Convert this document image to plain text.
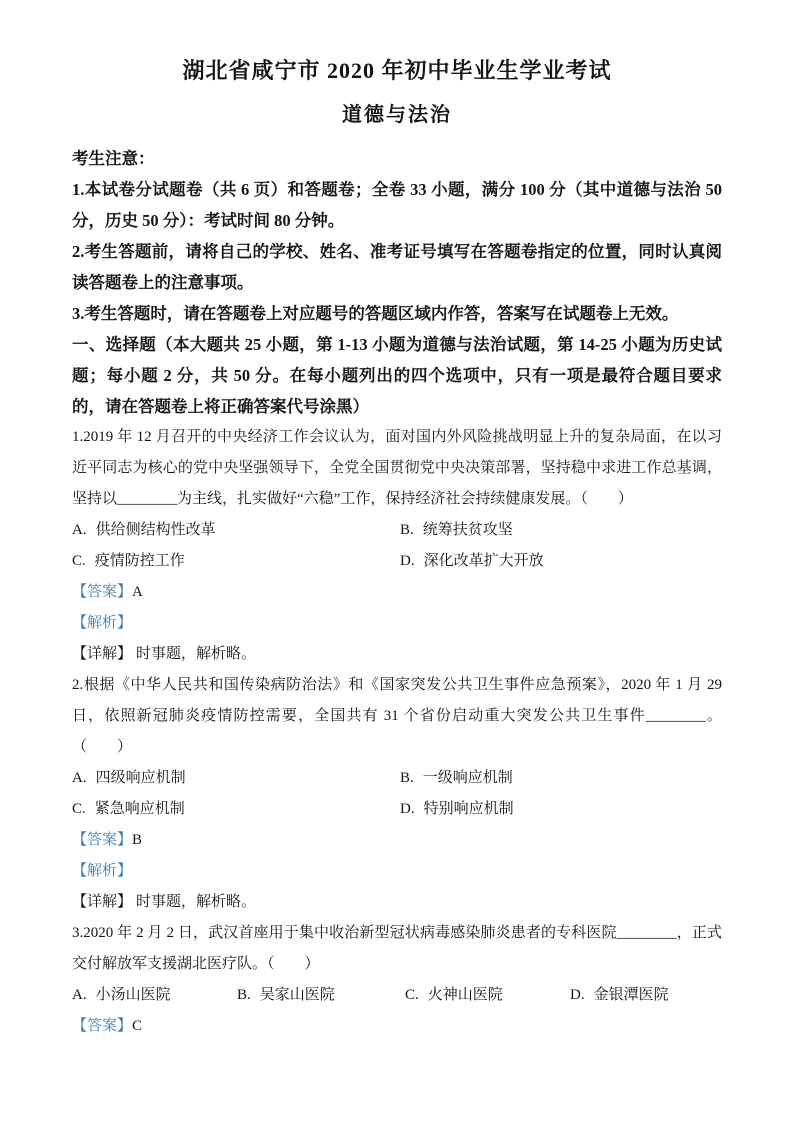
湖北省咸宁市 2020 年初中毕业生学业考试
道德与法治

考生注意：

1.本试卷分试题卷（共 6 页）和答题卷；全卷 33 小题，满分 100 分（其中道德与法治 50 分，历史 50 分）：考试时间 80 分钟。

2.考生答题前，请将自己的学校、姓名、准考证号填写在答题卷指定的位置，同时认真阅读答题卷上的注意事项。

3.考生答题时，请在答题卷上对应题号的答题区域内作答，答案写在试题卷上无效。

一、选择题（本大题共 25 小题，第 1-13 小题为道德与法治试题，第 14-25 小题为历史试题；每小题 2 分，共 50 分。在每小题列出的四个选项中，只有一项是最符合题目要求的，请在答题卷上将正确答案代号涂黑）

1.2019 年 12 月召开的中央经济工作会议认为，面对国内外风险挑战明显上升的复杂局面，在以习近平同志为核心的党中央坚强领导下，全党全国贯彻党中央决策部署，坚持稳中求进工作总基调，坚持以________为主线，扎实做好“六稳”工作，保持经济社会持续健康发展。（　　）

A. 供给侧结构性改革	B. 统筹扶贫攻坚
C. 疫情防控工作	D. 深化改革扩大开放

【答案】A

【解析】

【详解】 时事题，解析略。

2.根据《中华人民共和国传染病防治法》和《国家突发公共卫生事件应急预案》，2020 年 1 月 29 日，依照新冠肺炎疫情防控需要，全国共有 31 个省份启动重大突发公共卫生事件________。（　　）

A. 四级响应机制	B. 一级响应机制
C. 紧急响应机制	D. 特别响应机制

【答案】B

【解析】

【详解】 时事题，解析略。

3.2020 年 2 月 2 日，武汉首座用于集中收治新型冠状病毒感染肺炎患者的专科医院________，正式交付解放军支援湖北医疗队。（　　）

A. 小汤山医院	B. 吴家山医院	C. 火神山医院	D. 金银潭医院

【答案】C
